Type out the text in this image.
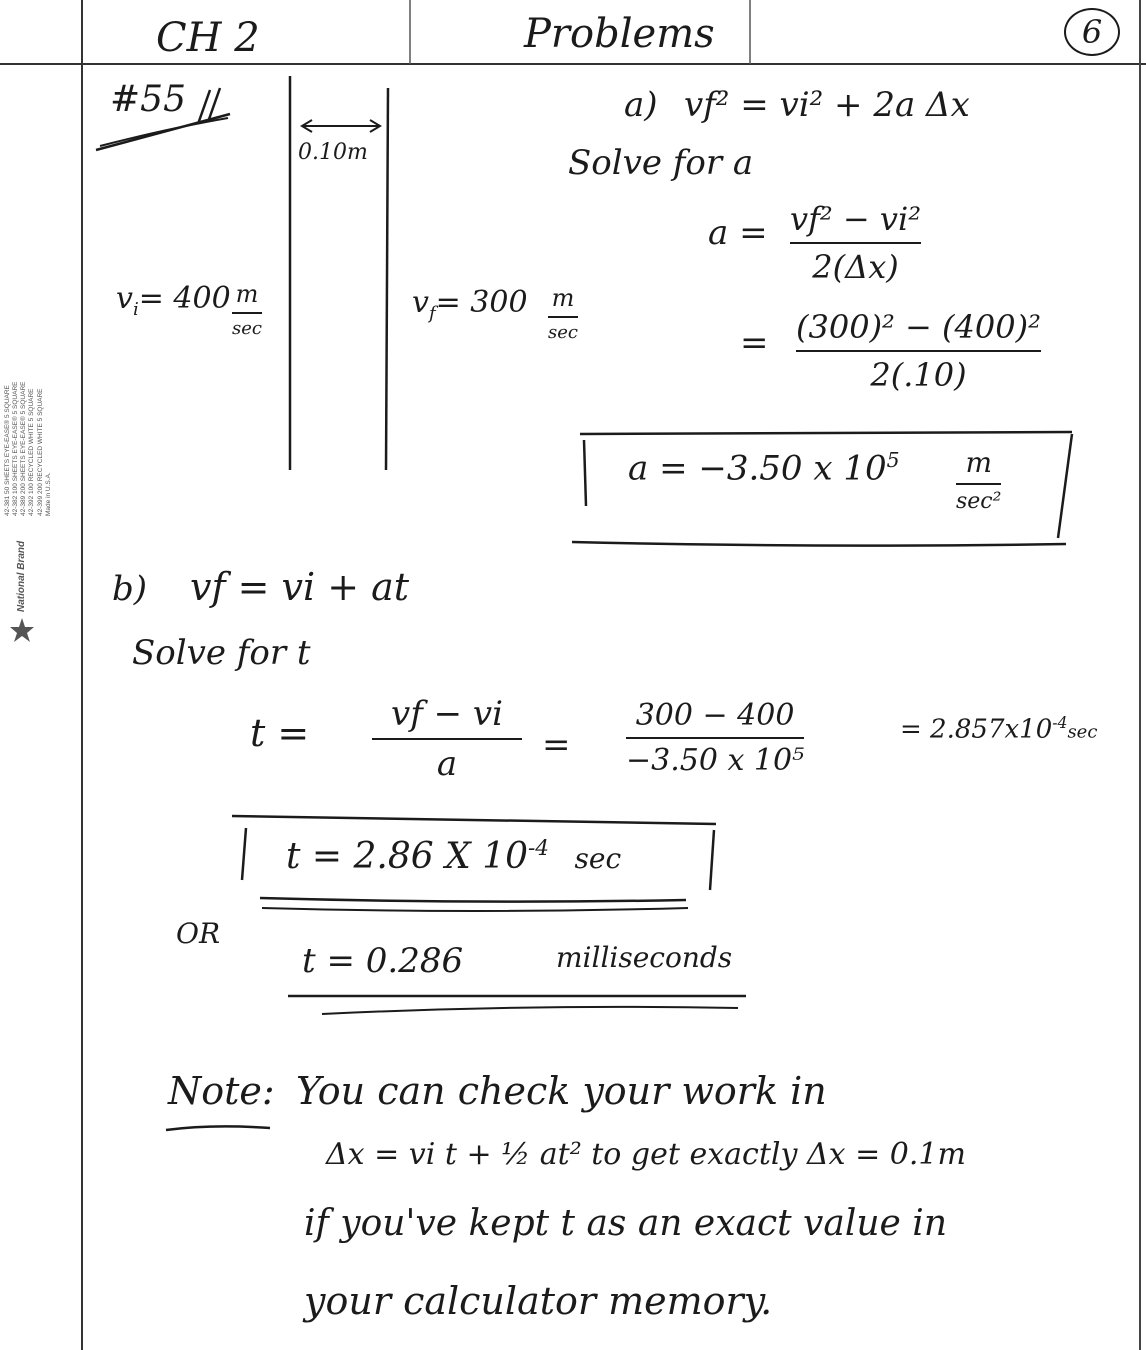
National Brand
42-381 50 SHEETS EYE-EASE® 5 SQUARE 42-382 100 SHEETS EYE-EASE® 5 SQUARE 42-389 200 SHEETS EYE-EASE® 5 SQUARE 42-392 100 RECYCLED WHITE 5 SQUARE 42-399 200 RECYCLED WHITE 5 SQUARE Made in U.S.A.
CH 2	Problems	6
#55
0.10m
$v_i= 400$ m
sec
$v_f= 300$ m
sec
a) vf² = vi² + 2a Δx
Solve for a
a = vf² − vi²
2(Δx)
= (300)² − (400)²
2(.10)
a = −3.50 x $10^5$ m
sec²
b) vf = vi + at
Solve for t
t = vf − vi
a =
300 − 400
−3.50 x 10⁵
= $2.857x10^{-4}\sec$
t = 2.86 X $10^{-4}$ sec
OR
t = 0.286	milliseconds
Note: You can check your work in
Δx = vi t + ½ at² to get exactly Δx = 0.1m
if you've kept t as an exact value in
your calculator memory.
